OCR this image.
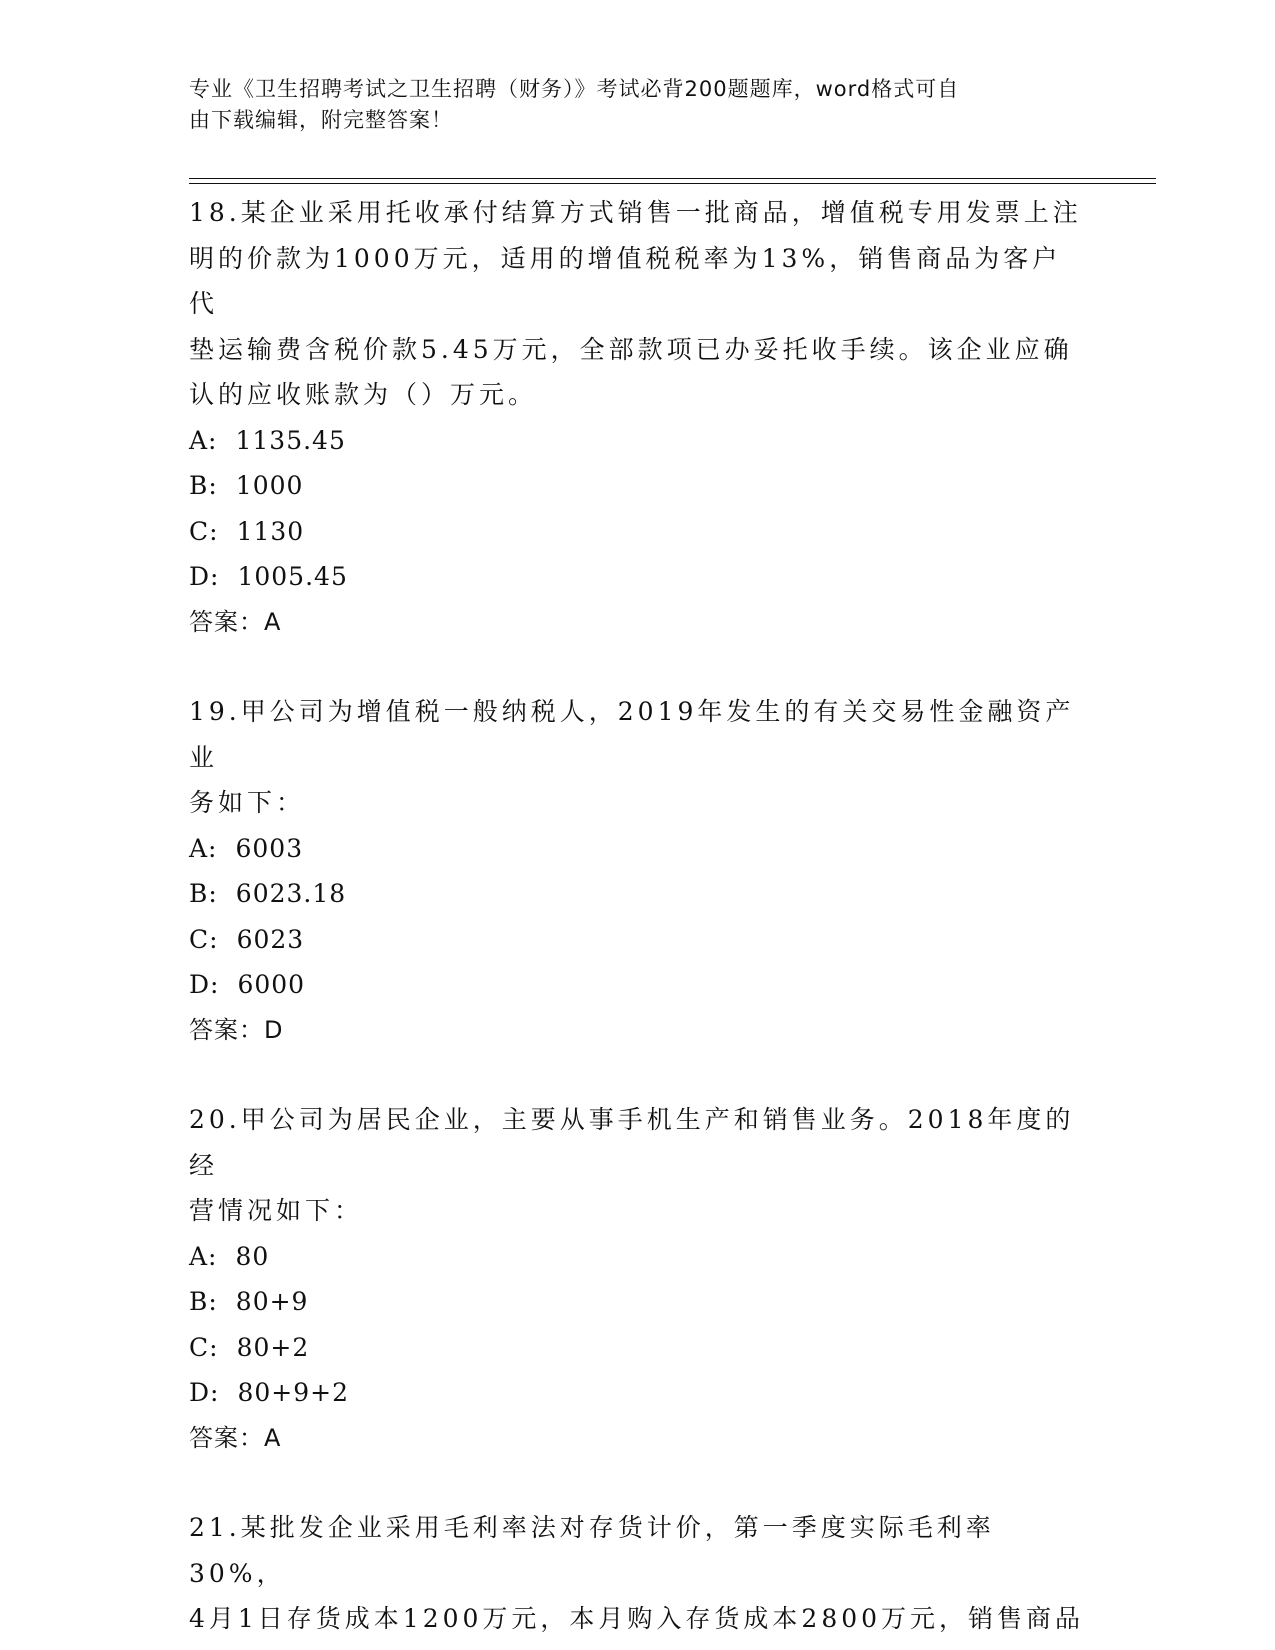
专业《卫生招聘考试之卫生招聘（财务）》考试必背200题题库，word格式可自
由下载编辑，附完整答案！
18.某企业采用托收承付结算方式销售一批商品，增值税专用发票上注
明的价款为1000万元，适用的增值税税率为13%，销售商品为客户代
垫运输费含税价款5.45万元，全部款项已办妥托收手续。该企业应确
认的应收账款为（）万元。
A: 1135.45
B: 1000
C: 1130
D: 1005.45
答案：A
19.甲公司为增值税一般纳税人，2019年发生的有关交易性金融资产业
务如下：
A: 6003
B: 6023.18
C: 6023
D: 6000
答案：D
20.甲公司为居民企业，主要从事手机生产和销售业务。2018年度的经
营情况如下：
A: 80
B: 80+9
C: 80+2
D: 80+9+2
答案：A
21.某批发企业采用毛利率法对存货计价，第一季度实际毛利率30%，
4月1日存货成本1200万元，本月购入存货成本2800万元，销售商品
